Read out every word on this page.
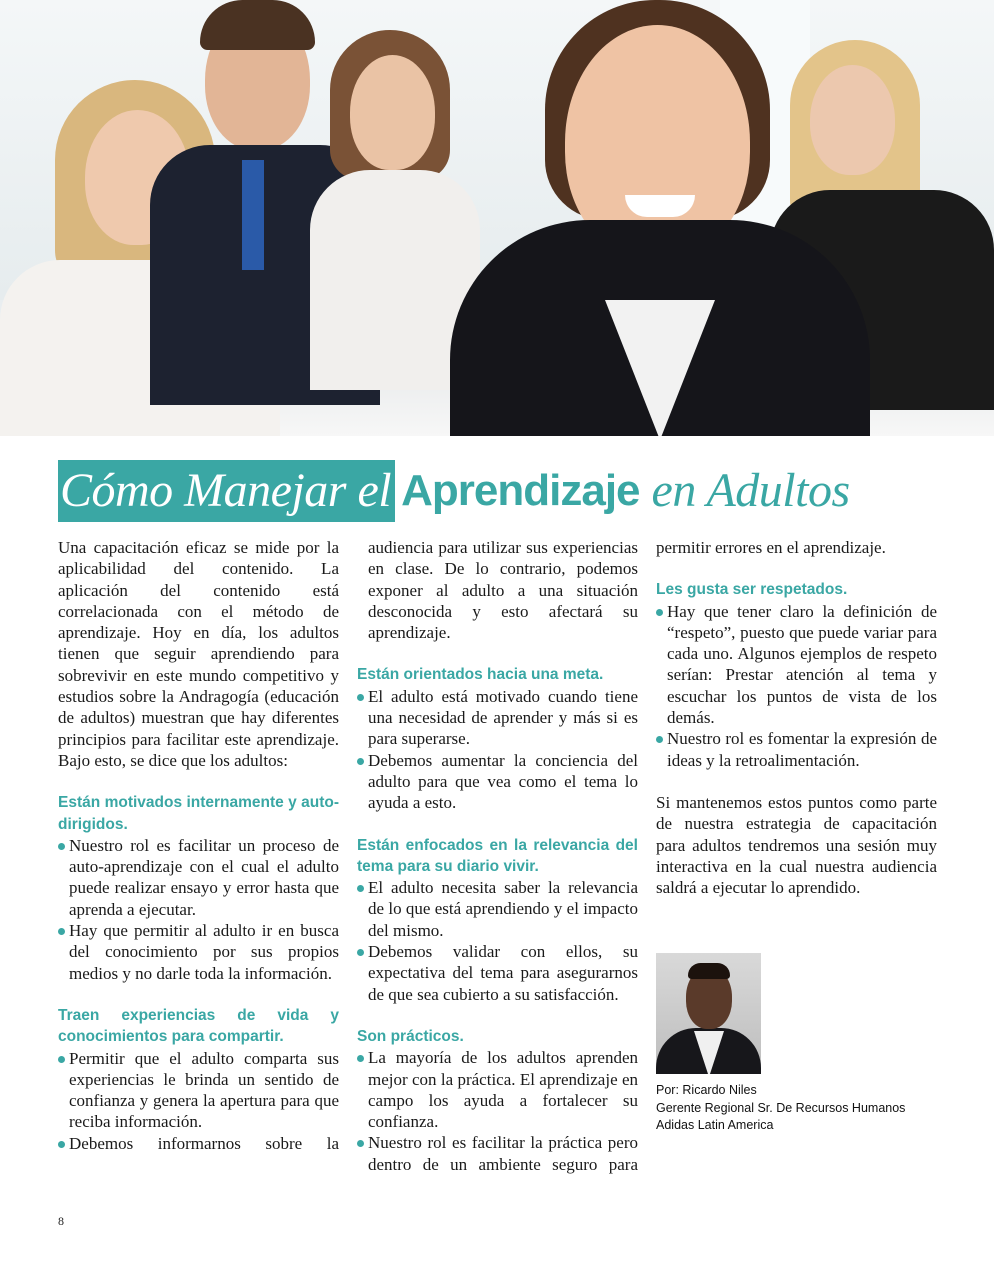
Cómo Manejar el Aprendizaje en Adultos

Una capacitación eficaz se mide por la aplicabilidad del contenido. La aplicación del contenido está correlacionada con el método de aprendizaje. Hoy en día, los adultos tienen que seguir aprendiendo para sobrevivir en este mundo competitivo y estudios sobre la Andragogía (educación de adultos) muestran que hay diferentes principios para facilitar este aprendizaje. Bajo esto, se dice que los adultos:

Están motivados internamente y auto-dirigidos.
Nuestro rol es facilitar un proceso de auto-aprendizaje con el cual el adulto puede realizar ensayo y error hasta que aprenda a ejecutar.
Hay que permitir al adulto ir en busca del conocimiento por sus propios medios y no darle toda la información.
Traen experiencias de vida y conocimientos para compartir.
Permitir que el adulto comparta sus experiencias le brinda un sentido de confianza y genera la apertura para que reciba información.
Debemos informarnos sobre la

audiencia para utilizar sus experiencias en clase. De lo contrario, podemos exponer al adulto a una situación desconocida y esto afectará su aprendizaje.

Están orientados hacia una meta.
El adulto está motivado cuando tiene una necesidad de aprender y más si es para superarse.
Debemos aumentar la conciencia del adulto para que vea como el tema lo ayuda a esto.
Están enfocados en la relevancia del tema para su diario vivir.
El adulto necesita saber la relevancia de lo que está aprendiendo y el impacto del mismo.
Debemos validar con ellos, su expectativa del tema para asegurarnos de que sea cubierto a su satisfacción.
Son prácticos.
La mayoría de los adultos aprenden mejor con la práctica. El aprendizaje en campo los ayuda a fortalecer su confianza.
Nuestro rol es facilitar la práctica pero dentro de un ambiente seguro para

permitir errores en el aprendizaje.

Les gusta ser respetados.
Hay que tener claro la definición de “respeto”, puesto que puede variar para cada uno. Algunos ejemplos de respeto serían: Prestar atención al tema y escuchar los puntos de vista de los demás.
Nuestro rol es fomentar la expresión de ideas y la retroalimentación.

Si mantenemos estos puntos como parte de nuestra estrategia de capacitación para adultos tendremos una sesión muy interactiva en la cual nuestra audiencia saldrá a ejecutar lo aprendido.

Por: Ricardo Niles
Gerente Regional Sr. De Recursos Humanos
Adidas Latin America
8
